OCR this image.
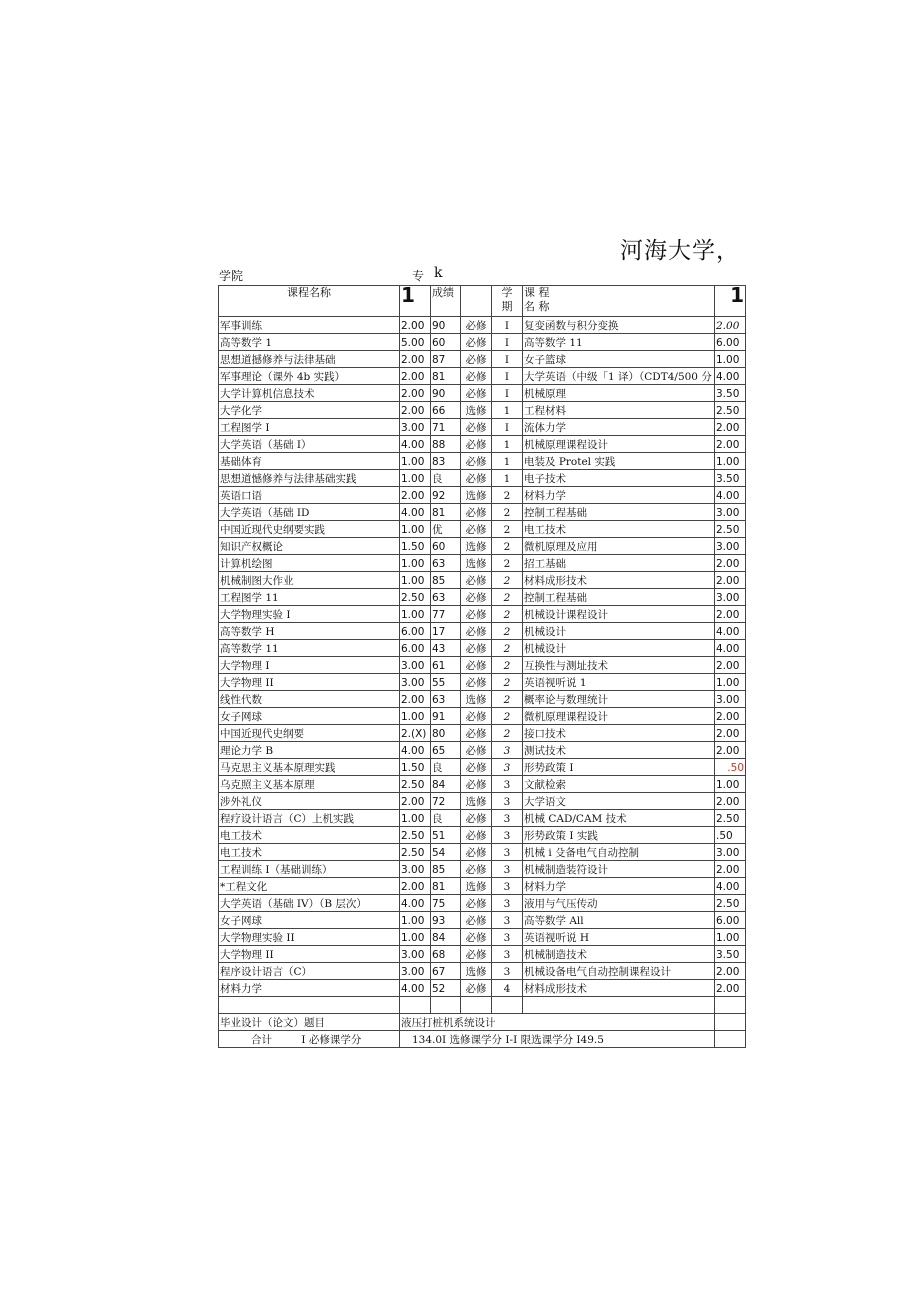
河海大学，
学院	专 k
课程名称	1	成绩		学
期	课 程
名 称	1
军事训练	2.00	90	必修	I	复变函数与积分变换	2.00
高等数学 1	5.00	60	必修	I	高等数学 11	6.00
思想道撼修养与法律基础	2.00	87	必修	I	女子篮球	1.00
军事理论（课外 4b 实践）	2.00	81	必修	I	大学英语（中级「1 译）（CDT4/500 分	4.00
大学计算机信息技术	2.00	90	必修	I	机械原理	3.50
大学化学	2.00	66	选修	1	工程材料	2.50
工程图学 I	3.00	71	必修	I	流体力学	2.00
大学英语（基础 I）	4.00	88	必修	1	机械原理课程设计	2.00
基础体育	1.00	83	必修	1	电装及 Protel 实践	1.00
思想道憾修养与法律基础实践	1.00	良	必修	1	电子技术	3.50
英语口语	2.00	92	选修	2	材料力学	4.00
大学英语（基础 ID	4.00	81	必修	2	控制工程基础	3.00
中国近现代史纲要实践	1.00	优	必修	2	电工技术	2.50
知识产权概论	1.50	60	选修	2	微机原理及应用	3.00
计算机绘图	1.00	63	选修	2	招工基础	2.00
机械制图大作业	1.00	85	必修	2	材料成形技术	2.00
工程图学 11	2.50	63	必修	2	控制工程基础	3.00
大学物理实验 I	1.00	77	必修	2	机械设计课程设计	2.00
高等数学 H	6.00	17	必修	2	机械设计	4.00
高等数学 11	6.00	43	必修	2	机械设计	4.00
大学物理 I	3.00	61	必修	2	互换性与测址技术	2.00
大学物理 II	3.00	55	必修	2	英语视听说 1	1.00
线性代数	2.00	63	选修	2	概率论与数理统计	3.00
女子网球	1.00	91	必修	2	微机原理课程设计	2.00
中国近现代史纲要	2.(X)	80	必修	2	接口技术	2.00
理论力学 B	4.00	65	必修	3	测试技术	2.00
马克思主义基本原理实践	1.50	良	必修	3	形势政策 I	.50
乌克照主义基本原理	2.50	84	必修	3	文献检索	1.00
涉外礼仪	2.00	72	选修	3	大学语文	2.00
程疗设计语言（C）上机实践	1.00	良	必修	3	机械 CAD/CAM 技术	2.50
电工技术	2.50	51	必修	3	形势政策 I 实践	.50
电工技术	2.50	54	必修	3	机械 i 殳备电气自动控制	3.00
工程训练 I（基础训练）	3.00	85	必修	3	机械制造装符设计	2.00
*工程文化	2.00	81	选修	3	材料力学	4.00
大学英语（基础 IV）（B 层次）	4.00	75	必修	3	液用与气压传动	2.50
女子网球	1.00	93	必修	3	高等数学 All	6.00
大学物理实验 II	1.00	84	必修	3	英语视听说 H	1.00
大学物理 II	3.00	68	必修	3	机械制造技术	3.50
程序设计语言（C）	3.00	67	选修	3	机械设备电气自动控制课程设计	2.00
材料力学	4.00	52	必修	4	材料成形技术	2.00

毕业设计（论文）题目	液压打桩机系统设计					
合计 I 必修课学分	134.0I 选修课学分 I-I 限选课学分 I49.5					
